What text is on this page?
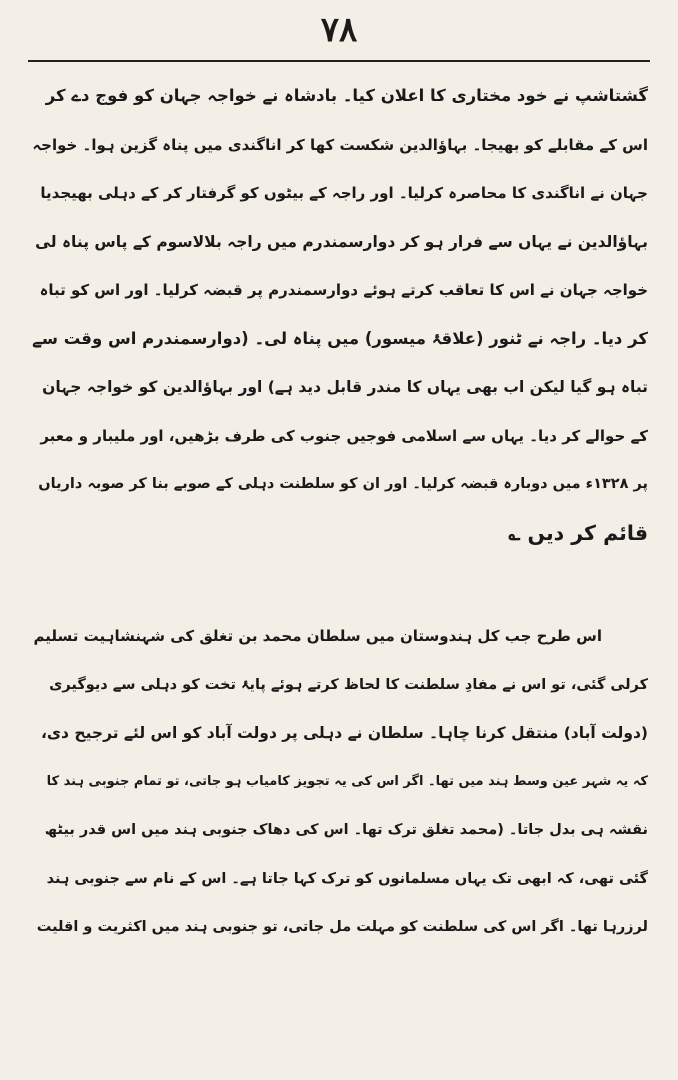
۷۸
گشتاشپ نے خود مختاری کا اعلان کیا۔ بادشاہ نے خواجہ جہان کو فوج دے کر
اس کے مقابلے کو بھیجا۔ بہاؤالدین شکست کھا کر اناگندی میں پناہ گزین ہوا۔ خواجہ
جہان نے اناگندی کا محاصرہ کرلیا۔ اور راجہ کے بیٹوں کو گرفتار کر کے دہلی بھیجدیا
بہاؤالدین نے یہاں سے فرار ہو کر دوارسمندرم میں راجہ بلالاسوم کے پاس پناہ لی
خواجہ جہان نے اس کا تعاقب کرتے ہوئے دوارسمندرم پر قبضہ کرلیا۔ اور اس کو تباہ
کر دیا۔ راجہ نے ٹنور (علاقۂ میسور) میں پناہ لی۔ (دوارسمندرم اس وقت سے
تباہ ہو گیا لیکن اب بھی یہاں کا مندر قابل دید ہے) اور بہاؤالدین کو خواجہ جہان
کے حوالے کر دیا۔ یہاں سے اسلامی فوجیں جنوب کی طرف بڑھیں، اور ملیبار و معبر
پر ۱۳۲۸ء میں دوبارہ قبضہ کرلیا۔ اور ان کو سلطنت دہلی کے صوبے بنا کر صوبہ داریاں
قائم کر دیں ؎
اس طرح جب کل ہندوستان میں سلطان محمد بن تغلق کی شہنشاہیت تسلیم
کرلی گئی، تو اس نے مفادِ سلطنت کا لحاظ کرتے ہوئے پایۂ تخت کو دہلی سے دیوگیری
(دولت آباد) منتقل کرنا چاہا۔ سلطان نے دہلی پر دولت آباد کو اس لئے ترجیح دی،
کہ یہ شہر عین وسط ہند میں تھا۔ اگر اس کی یہ تجویز کامیاب ہو جاتی، تو تمام جنوبی ہند کا
نقشہ ہی بدل جاتا۔ (محمد تغلق ترک تھا۔ اس کی دھاک جنوبی ہند میں اس قدر بیٹھ
گئی تھی، کہ ابھی تک یہاں مسلمانوں کو ترک کہا جاتا ہے۔ اس کے نام سے جنوبی ہند
لرزرہا تھا۔ اگر اس کی سلطنت کو مہلت مل جاتی، تو جنوبی ہند میں اکثریت و اقلیت
